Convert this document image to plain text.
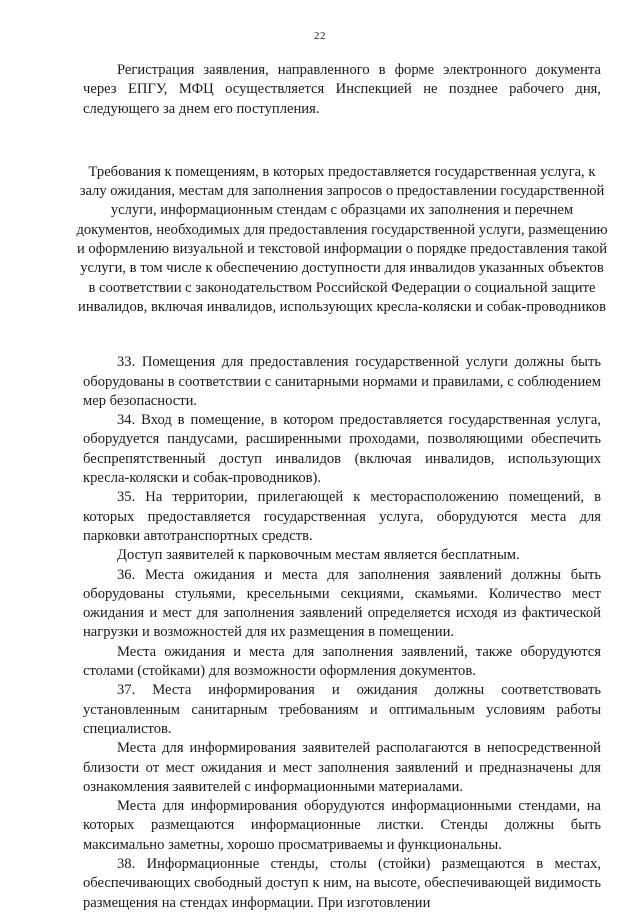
22

Регистрация заявления, направленного в форме электронного документа через ЕПГУ, МФЦ осуществляется Инспекцией не позднее рабочего дня, следующего за днем его поступления.

Требования к помещениям, в которых предоставляется государственная услуга, к залу ожидания, местам для заполнения запросов о предоставлении государственной услуги, информационным стендам с образцами их заполнения и перечнем документов, необходимых для предоставления государственной услуги, размещению и оформлению визуальной и текстовой информации о порядке предоставления такой услуги, в том числе к обеспечению доступности для инвалидов указанных объектов в соответствии с законодательством Российской Федерации о социальной защите инвалидов, включая инвалидов, использующих кресла-коляски и собак-проводников

33. Помещения для предоставления государственной услуги должны быть оборудованы в соответствии с санитарными нормами и правилами, с соблюдением мер безопасности.

34. Вход в помещение, в котором предоставляется государственная услуга, оборудуется пандусами, расширенными проходами, позволяющими обеспечить беспрепятственный доступ инвалидов (включая инвалидов, использующих кресла-коляски и собак-проводников).

35. На территории, прилегающей к месторасположению помещений, в которых предоставляется государственная услуга, оборудуются места для парковки автотранспортных средств.

Доступ заявителей к парковочным местам является бесплатным.

36. Места ожидания и места для заполнения заявлений должны быть оборудованы стульями, кресельными секциями, скамьями. Количество мест ожидания и мест для заполнения заявлений определяется исходя из фактической нагрузки и возможностей для их размещения в помещении.

Места ожидания и места для заполнения заявлений, также оборудуются столами (стойками) для возможности оформления документов.

37. Места информирования и ожидания должны соответствовать установленным санитарным требованиям и оптимальным условиям работы специалистов.

Места для информирования заявителей располагаются в непосредственной близости от мест ожидания и мест заполнения заявлений и предназначены для ознакомления заявителей с информационными материалами.

Места для информирования оборудуются информационными стендами, на которых размещаются информационные листки. Стенды должны быть максимально заметны, хорошо просматриваемы и функциональны.

38. Информационные стенды, столы (стойки) размещаются в местах, обеспечивающих свободный доступ к ним, на высоте, обеспечивающей видимость размещения на стендах информации. При изготовлении
